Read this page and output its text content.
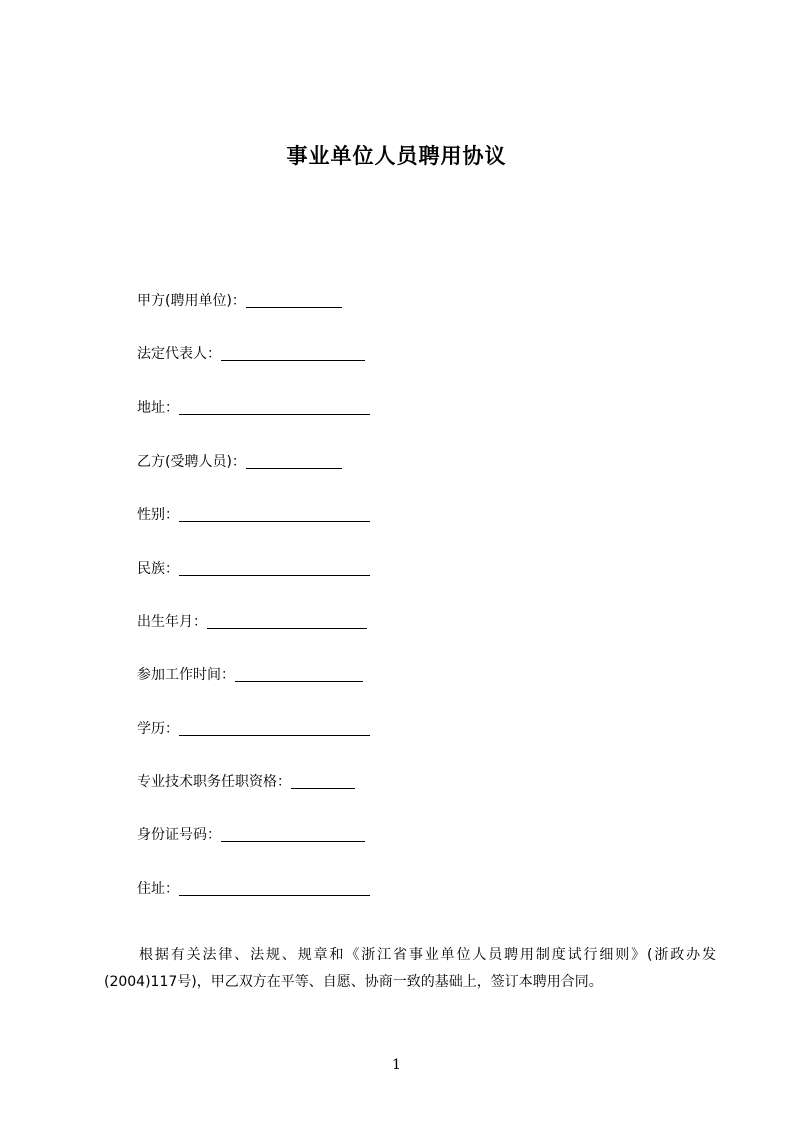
事业单位人员聘用协议
甲方(聘用单位)：
法定代表人：
地址：
乙方(受聘人员)：
性别：
民族：
出生年月：
参加工作时间：
学历：
专业技术职务任职资格：
身份证号码：
住址：

根据有关法律、法规、规章和《浙江省事业单位人员聘用制度试行细则》(浙政办发(2004)117号)，甲乙双方在平等、自愿、协商一致的基础上，签订本聘用合同。

1
